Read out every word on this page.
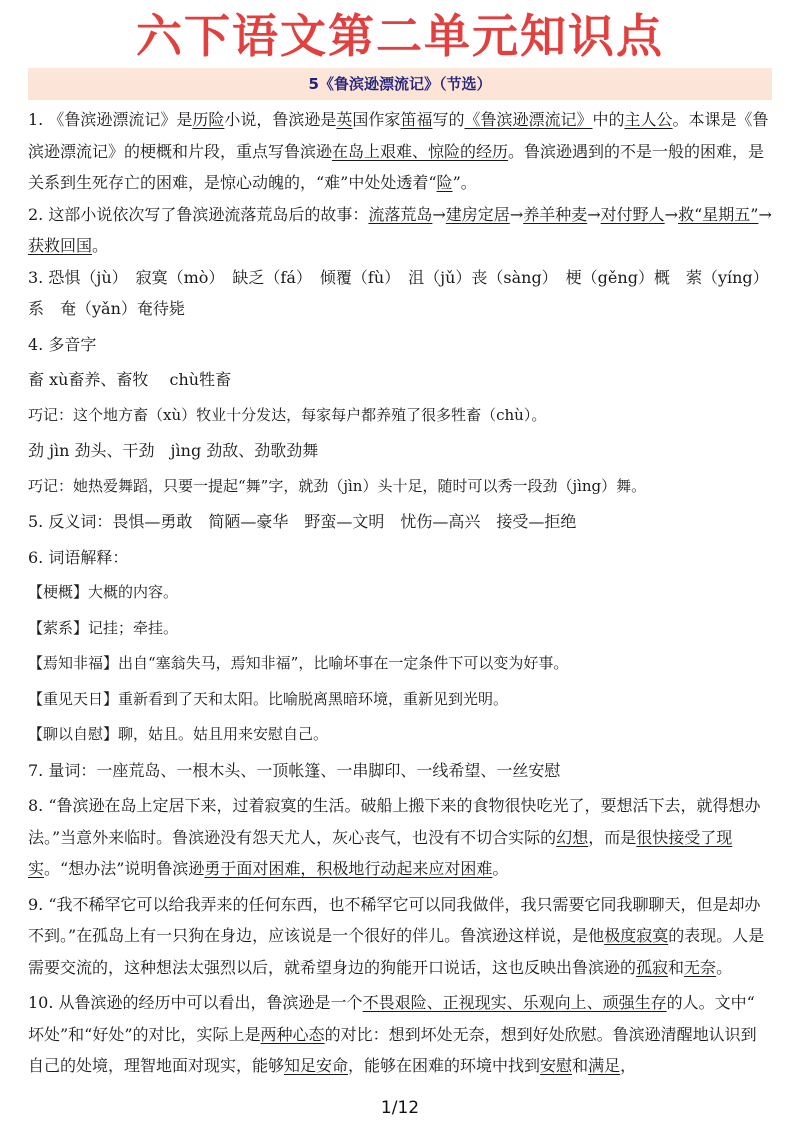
六下语文第二单元知识点
5《鲁滨逊漂流记》（节选）

1. 《鲁滨逊漂流记》是历险小说，鲁滨逊是英国作家笛福写的《鲁滨逊漂流记》中的主人公。本课是《鲁滨逊漂流记》的梗概和片段，重点写鲁滨逊在岛上艰难、惊险的经历。鲁滨逊遇到的不是一般的困难，是关系到生死存亡的困难，是惊心动魄的，“难”中处处透着“险”。

2. 这部小说依次写了鲁滨逊流落荒岛后的故事：流落荒岛→建房定居→养羊种麦→对付野人→救“星期五”→获救回国。

3. 恐惧（jù）　寂寞（mò）　缺乏（fá）　倾覆（fù）　沮（jǔ）丧（sàng）　梗（gěng）概　萦（yíng）系　奄（yǎn）奄待毙

4. 多音字

畜 xù畜养、畜牧　 chù牲畜

巧记：这个地方畜（xù）牧业十分发达，每家每户都养殖了很多牲畜（chù）。

劲 jìn 劲头、干劲　jìng 劲敌、劲歌劲舞

巧记：她热爱舞蹈，只要一提起“舞”字，就劲（jìn）头十足，随时可以秀一段劲（jìng）舞。

5. 反义词：畏惧—勇敢　简陋—豪华　野蛮—文明　忧伤—高兴　接受—拒绝

6. 词语解释：

【梗概】大概的内容。

【萦系】记挂；牵挂。

【焉知非福】出自“塞翁失马，焉知非福”，比喻坏事在一定条件下可以变为好事。

【重见天日】重新看到了天和太阳。比喻脱离黑暗环境，重新见到光明。

【聊以自慰】聊，姑且。姑且用来安慰自己。

7. 量词：一座荒岛、一根木头、一顶帐篷、一串脚印、一线希望、一丝安慰

8. “鲁滨逊在岛上定居下来，过着寂寞的生活。破船上搬下来的食物很快吃光了，要想活下去，就得想办法。”当意外来临时。鲁滨逊没有怨天尤人，灰心丧气，也没有不切合实际的幻想，而是很快接受了现实。“想办法”说明鲁滨逊勇于面对困难，积极地行动起来应对困难。

9. “我不稀罕它可以给我弄来的任何东西，也不稀罕它可以同我做伴，我只需要它同我聊聊天，但是却办不到。”在孤岛上有一只狗在身边，应该说是一个很好的伴儿。鲁滨逊这样说，是他极度寂寞的表现。人是需要交流的，这种想法太强烈以后，就希望身边的狗能开口说话，这也反映出鲁滨逊的孤寂和无奈。

10. 从鲁滨逊的经历中可以看出，鲁滨逊是一个不畏艰险、正视现实、乐观向上、顽强生存的人。文中“ 坏处”和“好处”的对比，实际上是两种心态的对比：想到坏处无奈，想到好处欣慰。鲁滨逊清醒地认识到自己的处境，理智地面对现实，能够知足安命，能够在困难的环境中找到安慰和满足，

1/12
